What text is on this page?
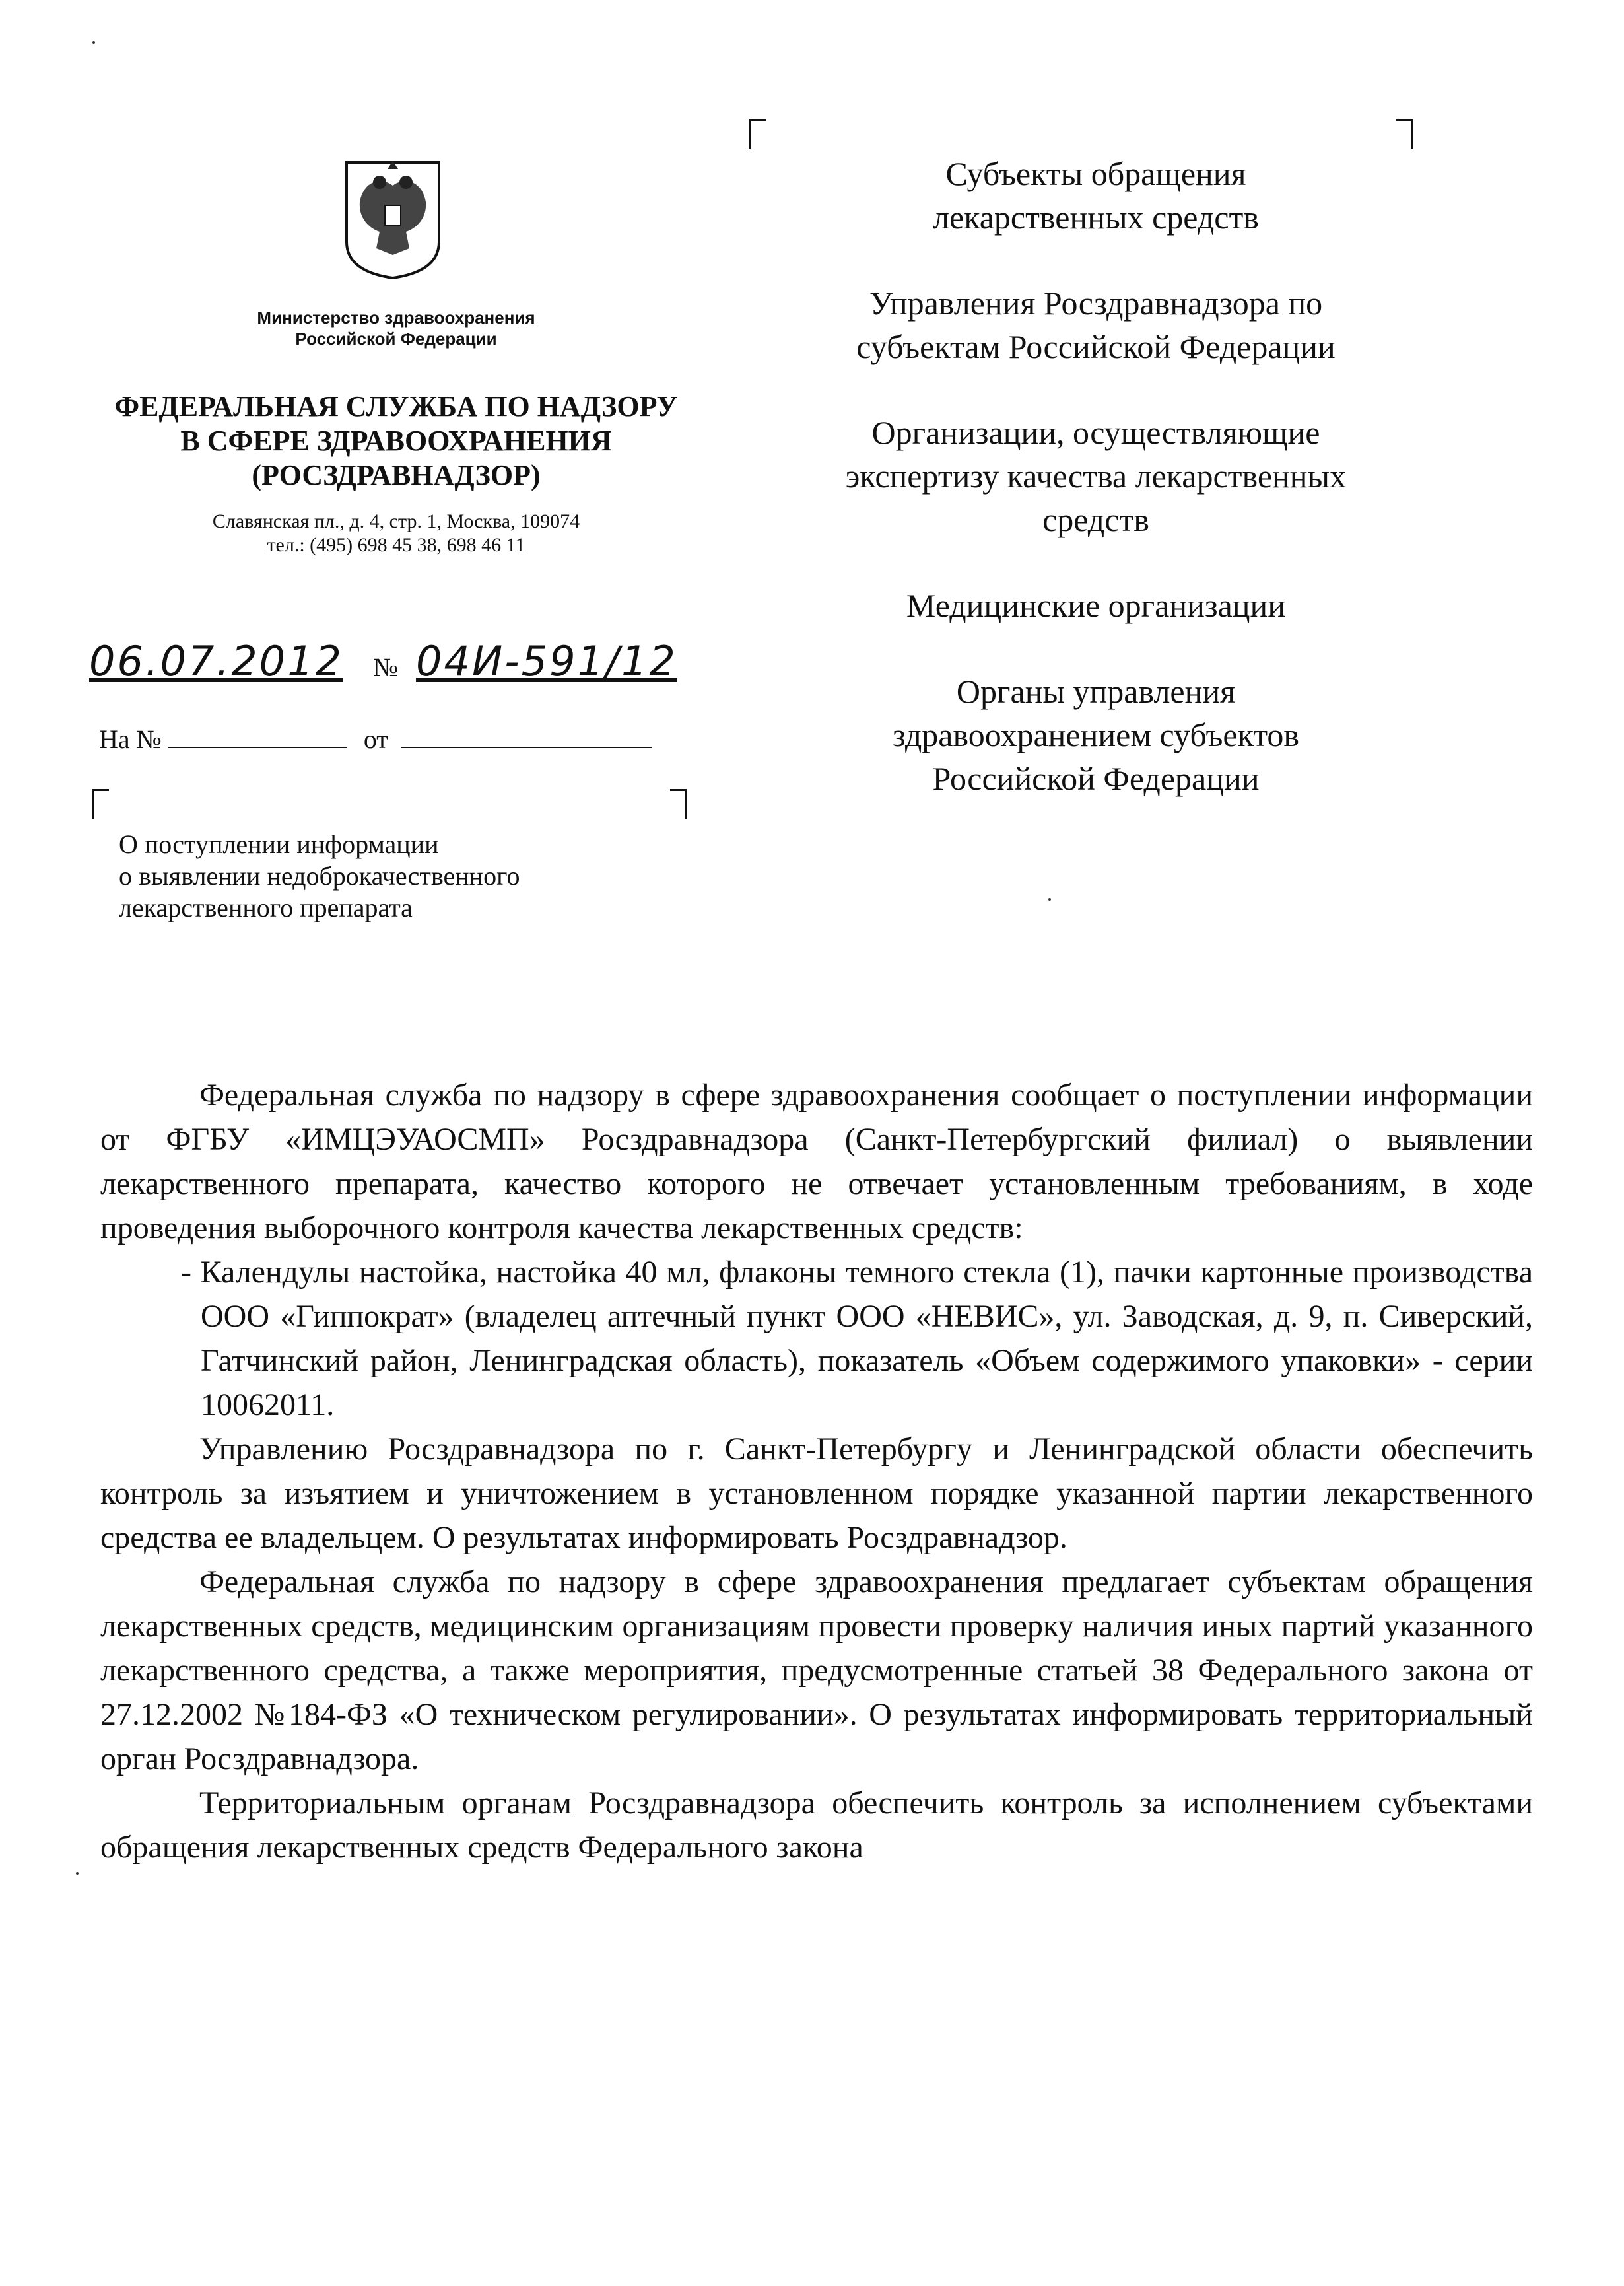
Министерство здравоохранения
Российской Федерации
ФЕДЕРАЛЬНАЯ СЛУЖБА ПО НАДЗОРУ
В СФЕРЕ ЗДРАВООХРАНЕНИЯ
(РОСЗДРАВНАДЗОР)
Славянская пл., д. 4, стр. 1, Москва, 109074
тел.: (495) 698 45 38, 698 46 11
06.07.2012 № 04И-591/12
На №	от
О поступлении информации
о выявлении недоброкачественного
лекарственного препарата
Субъекты обращения
лекарственных средств
Управления Росздравнадзора по
субъектам Российской Федерации
Организации, осуществляющие
экспертизу качества лекарственных
средств
Медицинские организации
Органы управления
здравоохранением субъектов
Российской Федерации

Федеральная служба по надзору в сфере здравоохранения сообщает о поступлении информации от ФГБУ «ИМЦЭУАОСМП» Росздравнадзора (Санкт-Петербургский филиал) о выявлении лекарственного препарата, качество которого не отвечает установленным требованиям, в ходе проведения выборочного контроля качества лекарственных средств:

- Календулы настойка, настойка 40 мл, флаконы темного стекла (1), пачки картонные производства ООО «Гиппократ» (владелец аптечный пункт ООО «НЕВИС», ул. Заводская, д. 9, п. Сиверский, Гатчинский район, Ленинградская область), показатель «Объем содержимого упаковки» - серии 10062011.

Управлению Росздравнадзора по г. Санкт-Петербургу и Ленинградской области обеспечить контроль за изъятием и уничтожением в установленном порядке указанной партии лекарственного средства ее владельцем. О результатах информировать Росздравнадзор.

Федеральная служба по надзору в сфере здравоохранения предлагает субъектам обращения лекарственных средств, медицинским организациям провести проверку наличия иных партий указанного лекарственного средства, а также мероприятия, предусмотренные статьей 38 Федерального закона от 27.12.2002 №184-ФЗ «О техническом регулировании». О результатах информировать территориальный орган Росздравнадзора.

Территориальным органам Росздравнадзора обеспечить контроль за исполнением субъектами обращения лекарственных средств Федерального закона
